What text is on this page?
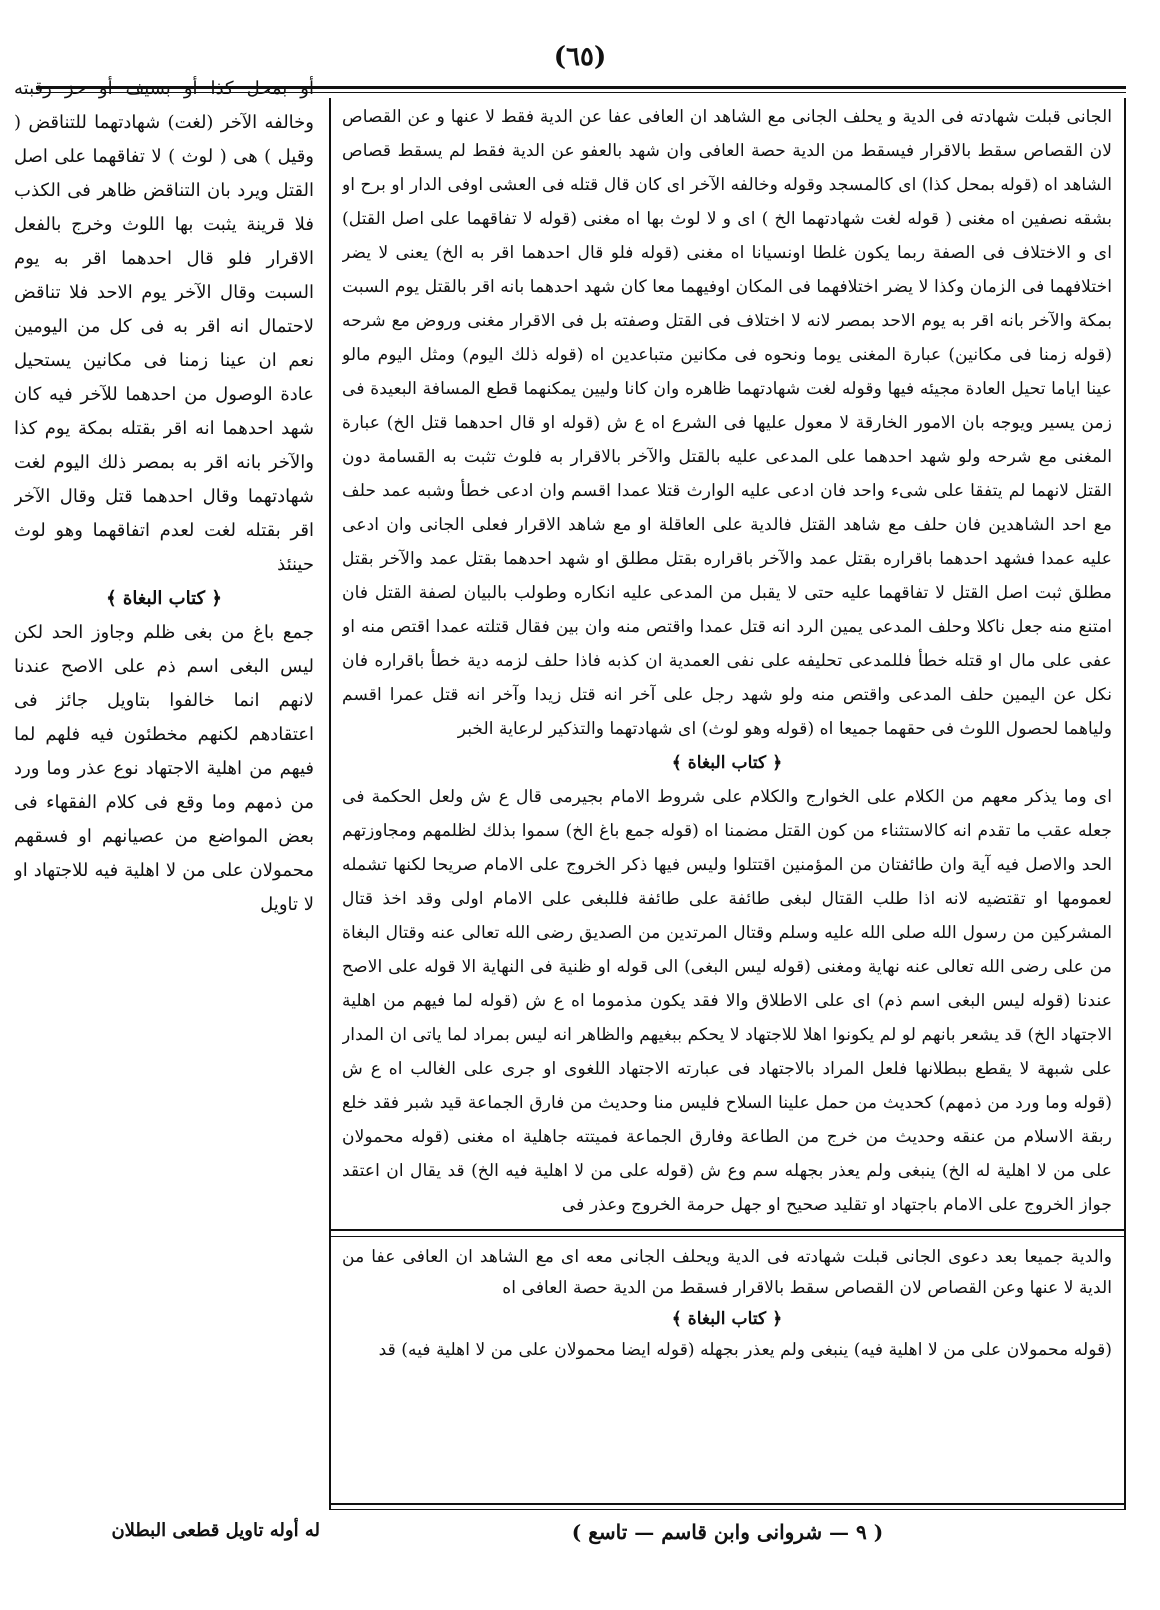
(٦٥)

الجانى قبلت شهادته فى الدية و يحلف الجانى مع الشاهد ان العافى عفا عن الدية فقط لا عنها و عن القصاص لان القصاص سقط بالاقرار فيسقط من الدية حصة العافى وان شهد بالعفو عن الدية فقط لم يسقط قصاص الشاهد اه (قوله بمحل كذا) اى كالمسجد وقوله وخالفه الآخر اى كان قال قتله فى العشى اوفى الدار او برح او بشقه نصفين اه مغنى ( قوله لغت شهادتهما الخ ) اى و لا لوث بها اه مغنى (قوله لا تفاقهما على اصل القتل) اى و الاختلاف فى الصفة ربما يكون غلطا اونسيانا اه مغنى (قوله فلو قال احدهما اقر به الخ) يعنى لا يضر اختلافهما فى الزمان وكذا لا يضر اختلافهما فى المكان اوفيهما معا كان شهد احدهما بانه اقر بالقتل يوم السبت بمكة والآخر بانه اقر به يوم الاحد بمصر لانه لا اختلاف فى القتل وصفته بل فى الاقرار مغنى وروض مع شرحه (قوله زمنا فى مكانين) عبارة المغنى يوما ونحوه فى مكانين متباعدين اه (قوله ذلك اليوم) ومثل اليوم مالو عينا اياما تحيل العادة مجيئه فيها وقوله لغت شهادتهما ظاهره وان كانا وليين يمكنهما قطع المسافة البعيدة فى زمن يسير ويوجه بان الامور الخارقة لا معول عليها فى الشرع اه ع ش (قوله او قال احدهما قتل الخ) عبارة المغنى مع شرحه ولو شهد احدهما على المدعى عليه بالقتل والآخر بالاقرار به فلوث تثبت به القسامة دون القتل لانهما لم يتفقا على شىء واحد فان ادعى عليه الوارث قتلا عمدا اقسم وان ادعى خطأ وشبه عمد حلف مع احد الشاهدين فان حلف مع شاهد القتل فالدية على العاقلة او مع شاهد الاقرار فعلى الجانى وان ادعى عليه عمدا فشهد احدهما باقراره بقتل عمد والآخر باقراره بقتل مطلق او شهد احدهما بقتل عمد والآخر بقتل مطلق ثبت اصل القتل لا تفاقهما عليه حتى لا يقبل من المدعى عليه انكاره وطولب بالبيان لصفة القتل فان امتنع منه جعل ناكلا وحلف المدعى يمين الرد انه قتل عمدا واقتص منه وان بين فقال قتلته عمدا اقتص منه او عفى على مال او قتله خطأ فللمدعى تحليفه على نفى العمدية ان كذبه فاذا حلف لزمه دية خطأ باقراره فان نكل عن اليمين حلف المدعى واقتص منه ولو شهد رجل على آخر انه قتل زيدا وآخر انه قتل عمرا اقسم ولياهما لحصول اللوث فى حقهما جميعا اه (قوله وهو لوث) اى شهادتهما والتذكير لرعاية الخبر

﴿ كتاب البغاة ﴾

اى وما يذكر معهم من الكلام على الخوارج والكلام على شروط الامام بجيرمى قال ع ش ولعل الحكمة فى جعله عقب ما تقدم انه كالاستثناء من كون القتل مضمنا اه (قوله جمع باغ الخ) سموا بذلك لظلمهم ومجاوزتهم الحد والاصل فيه آية وان طائفتان من المؤمنين اقتتلوا وليس فيها ذكر الخروج على الامام صريحا لكنها تشمله لعمومها او تقتضيه لانه اذا طلب القتال لبغى طائفة على طائفة فللبغى على الامام اولى وقد اخذ قتال المشركين من رسول الله صلى الله عليه وسلم وقتال المرتدين من الصديق رضى الله تعالى عنه وقتال البغاة من على رضى الله تعالى عنه نهاية ومغنى (قوله ليس البغى) الى قوله او ظنية فى النهاية الا قوله على الاصح عندنا (قوله ليس البغى اسم ذم) اى على الاطلاق والا فقد يكون مذموما اه ع ش (قوله لما فيهم من اهلية الاجتهاد الخ) قد يشعر بانهم لو لم يكونوا اهلا للاجتهاد لا يحكم ببغيهم والظاهر انه ليس بمراد لما ياتى ان المدار على شبهة لا يقطع ببطلانها فلعل المراد بالاجتهاد فى عبارته الاجتهاد اللغوى او جرى على الغالب اه ع ش (قوله وما ورد من ذمهم) كحديث من حمل علينا السلاح فليس منا وحديث من فارق الجماعة قيد شبر فقد خلع ربقة الاسلام من عنقه وحديث من خرج من الطاعة وفارق الجماعة فميتته جاهلية اه مغنى (قوله محمولان على من لا اهلية له الخ) ينبغى ولم يعذر بجهله سم وع ش (قوله على من لا اهلية فيه الخ) قد يقال ان اعتقد جواز الخروج على الامام باجتهاد او تقليد صحيح او جهل حرمة الخروج وعذر فى

والدية جميعا بعد دعوى الجانى قبلت شهادته فى الدية ويحلف الجانى معه اى مع الشاهد ان العافى عفا من الدية لا عنها وعن القصاص لان القصاص سقط بالاقرار فسقط من الدية حصة العافى اه

﴿ كتاب البغاة ﴾

(قوله محمولان على من لا اهلية فيه) ينبغى ولم يعذر بجهله (قوله ايضا محمولان على من لا اهلية فيه) قد

أو بمحل كذا أو بسيف أو حز رقبته وخالفه الآخر (لغت) شهادتهما للتناقض ( وقيل ) هى ( لوث ) لا تفاقهما على اصل القتل ويرد بان التناقض ظاهر فى الكذب فلا قرينة يثبت بها اللوث وخرج بالفعل الاقرار فلو قال احدهما اقر به يوم السبت وقال الآخر يوم الاحد فلا تناقض لاحتمال انه اقر به فى كل من اليومين نعم ان عينا زمنا فى مكانين يستحيل عادة الوصول من احدهما للآخر فيه كان شهد احدهما انه اقر بقتله بمكة يوم كذا والآخر بانه اقر به بمصر ذلك اليوم لغت شهادتهما وقال احدهما قتل وقال الآخر اقر بقتله لغت لعدم اتفاقهما وهو لوث حينئذ

﴿ كتاب البغاة ﴾

جمع باغ من بغى ظلم وجاوز الحد لكن ليس البغى اسم ذم على الاصح عندنا لانهم انما خالفوا بتاويل جائز فى اعتقادهم لكنهم مخطئون فيه فلهم لما فيهم من اهلية الاجتهاد نوع عذر وما ورد من ذمهم وما وقع فى كلام الفقهاء فى بعض المواضع من عصيانهم او فسقهم محمولان على من لا اهلية فيه للاجتهاد او لا تاويل

له أوله تاويل قطعى البطلان	( ٩ — شروانى وابن قاسم — تاسع )
